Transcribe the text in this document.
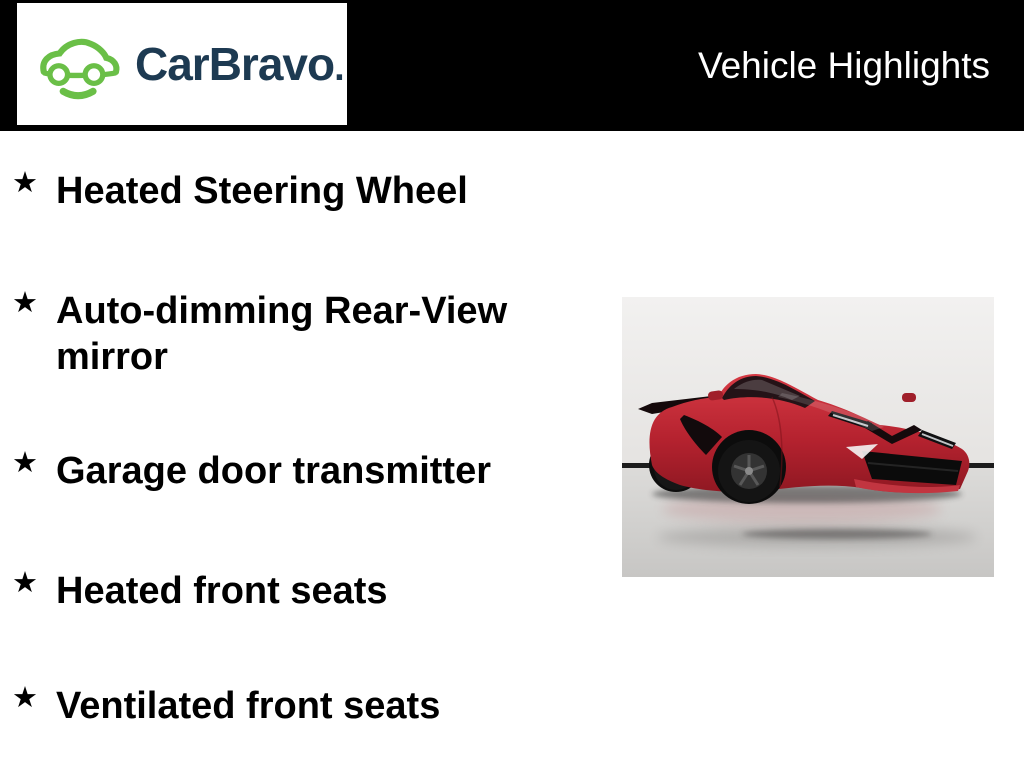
CarBravo.	Vehicle Highlights
★ Heated Steering Wheel
★ Auto-dimming Rear-View
mirror
★ Garage door transmitter
★ Heated front seats
★ Ventilated front seats
